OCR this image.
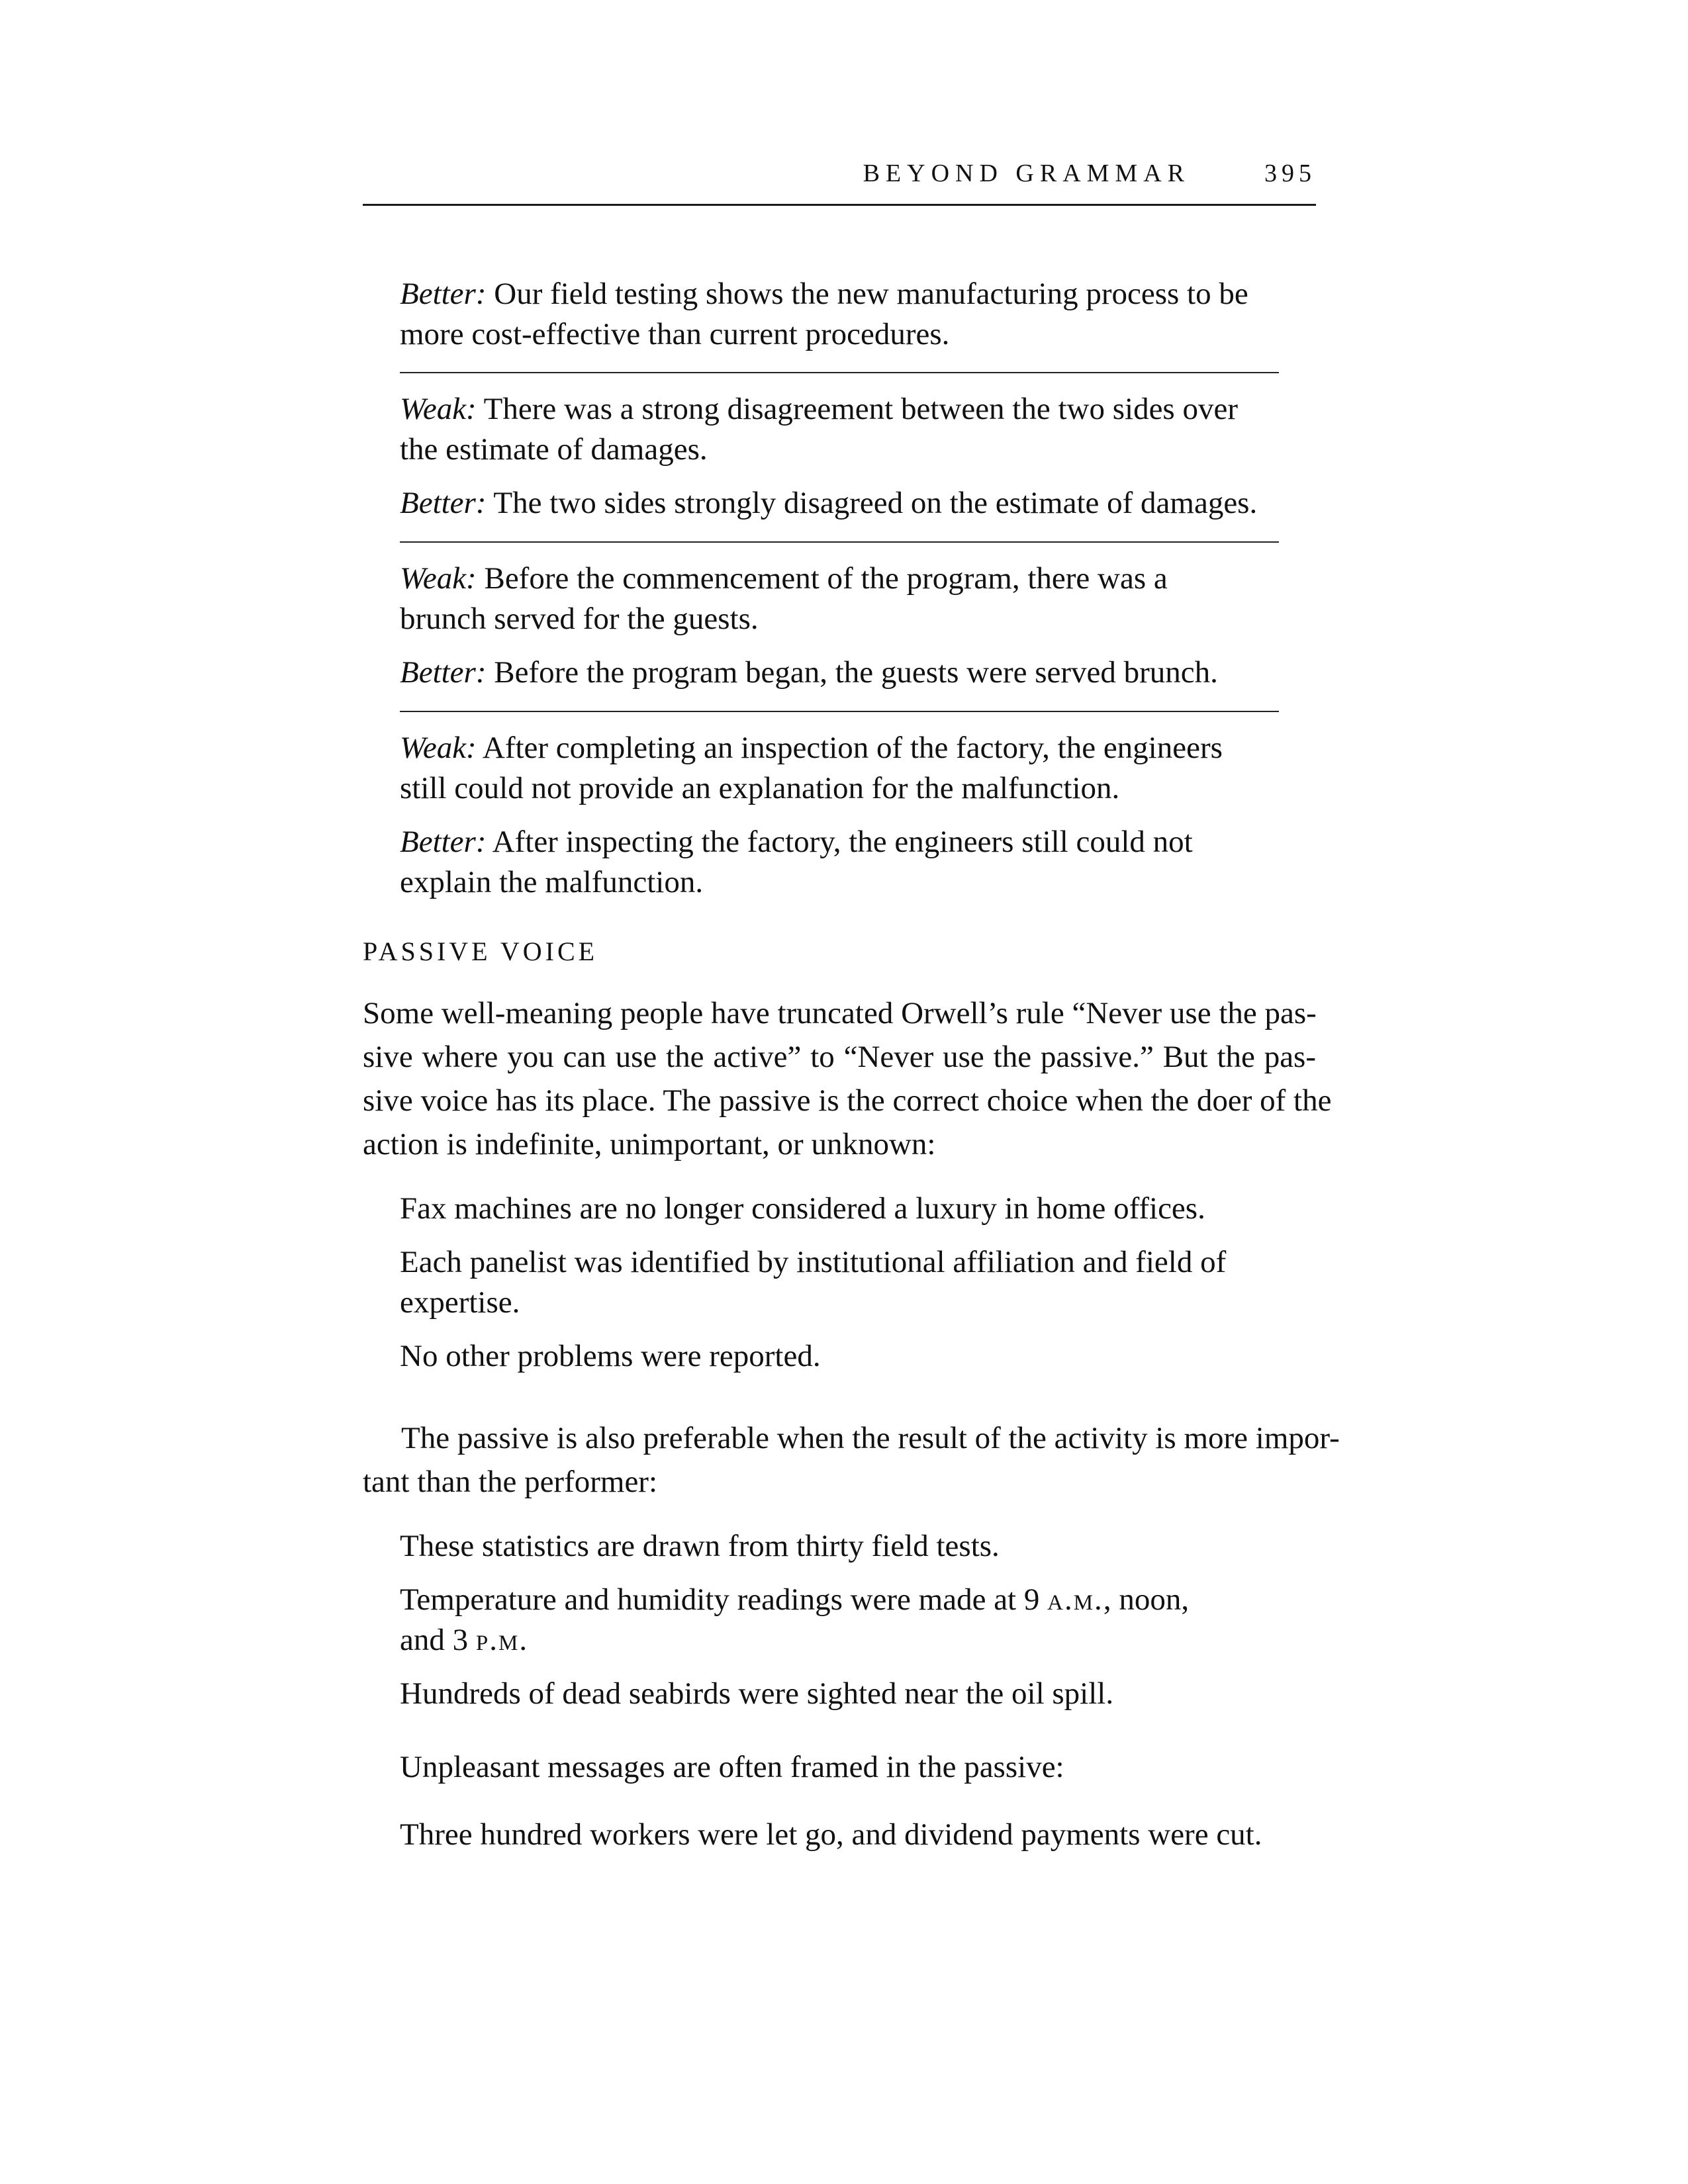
BEYOND GRAMMAR	395

Better: Our field testing shows the new manufacturing process to be

more cost-effective than current procedures.

Weak: There was a strong disagreement between the two sides over

the estimate of damages.

Better: The two sides strongly disagreed on the estimate of damages.

Weak: Before the commencement of the program, there was a

brunch served for the guests.

Better: Before the program began, the guests were served brunch.

Weak: After completing an inspection of the factory, the engineers

still could not provide an explanation for the malfunction.

Better: After inspecting the factory, the engineers still could not

explain the malfunction.

PASSIVE VOICE

Some well-meaning people have truncated Orwell’s rule “Never use the pas-
sive where you can use the active” to “Never use the passive.” But the pas-
sive voice has its place. The passive is the correct choice when the doer of the
action is indefinite, unimportant, or unknown:

Fax machines are no longer considered a luxury in home offices.

Each panelist was identified by institutional affiliation and field of

expertise.

No other problems were reported.

The passive is also preferable when the result of the activity is more impor-
tant than the performer:

These statistics are drawn from thirty field tests.

Temperature and humidity readings were made at 9 a.m., noon,

and 3 p.m.

Hundreds of dead seabirds were sighted near the oil spill.

Unpleasant messages are often framed in the passive:

Three hundred workers were let go, and dividend payments were cut.
